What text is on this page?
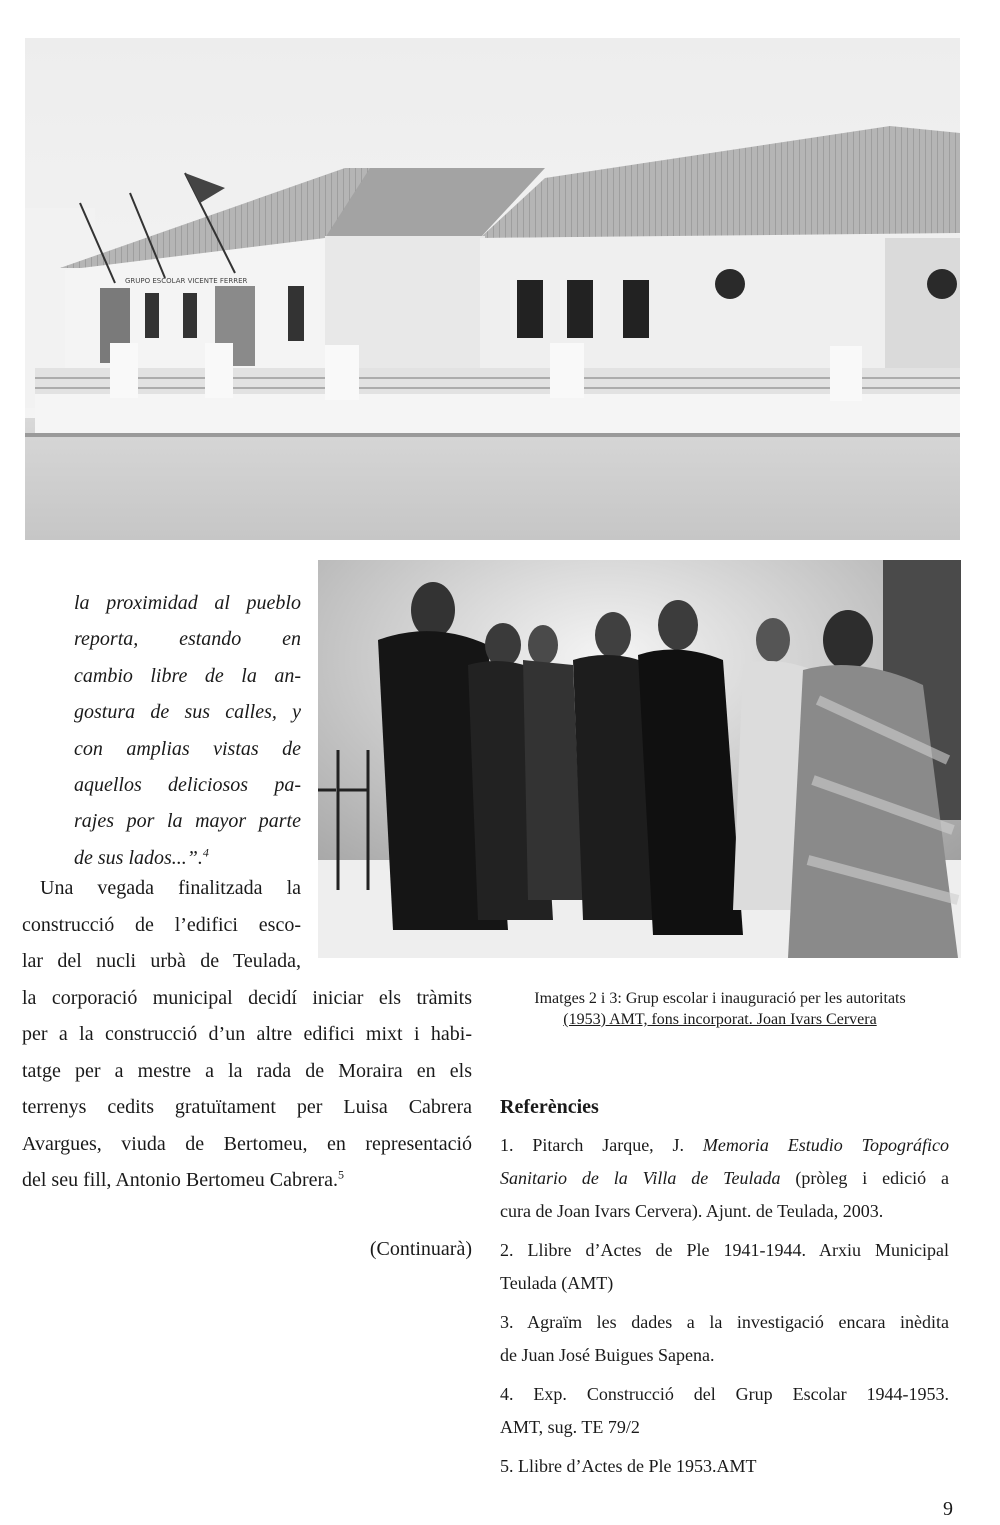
GRUPO ESCOLAR VICENTE FERRER

la proximidad al pueblo
reporta, estando en
cambio libre de la an-
gostura de sus calles, y
con amplias vistas de
aquellos deliciosos pa-
rajes por la mayor parte
de sus lados...”.$^4$

Una vegada finalitzada la
construcció de l’edifici esco-
lar del nucli urbà de Teulada,
la corporació municipal decidí iniciar els tràmits
per a la construcció d’un altre edifici mixt i habi-
tatge per a mestre a la rada de Moraira en els
terrenys cedits gratuïtament per Luisa Cabrera
Avargues, viuda de Bertomeu, en representació
del seu fill, Antonio Bertomeu Cabrera.$^5$
(Continuarà)
Imatges 2 i 3: Grup escolar i inauguració per les autoritats
(1953) AMT, fons incorporat. Joan Ivars Cervera
Referències
1. Pitarch Jarque, J. Memoria Estudio Topográfico
Sanitario de la Villa de Teulada (pròleg i edició a
cura de Joan Ivars Cervera). Ajunt. de Teulada, 2003.
2. Llibre d’Actes de Ple 1941-1944. Arxiu Municipal
Teulada (AMT)
3. Agraïm les dades a la investigació encara inèdita
de Juan José Buigues Sapena.
4. Exp. Construcció del Grup Escolar 1944-1953.
AMT, sug. TE 79/2
5. Llibre d’Actes de Ple 1953.AMT
9
